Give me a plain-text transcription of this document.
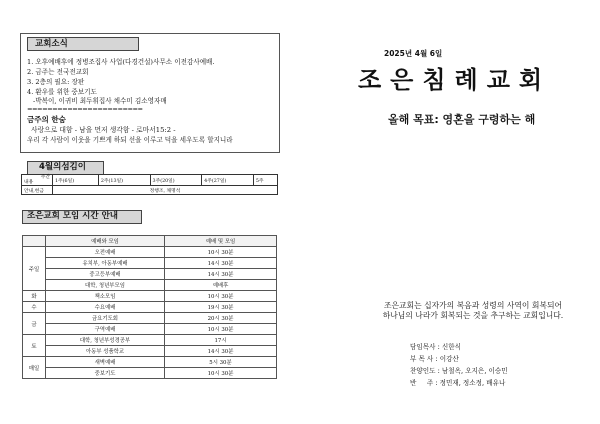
교회소식
1. 오후예배후에 정병조집사 사업(다경건설)사무소 이전감사예배.
2. 금주는 전국전교회
3. 2층의 필요: 장판
4. 환우를 위한 중보기도
-박복이, 이귀비 최두휘집사 채수미 김소영자매
=======================
금주의 한숨
사랑으로 대함 - 남을 먼저 생각함 - 로마서15:2 -
우리 각 사람이 이웃을 기쁘게 하되 선을 이루고 덕을 세우도록 할지니라
4월의섬김이
주간
내용	1주(6일)	2주(13일)	3주(20일)	4주(27일)	5주
안내,헌금	정행조, 채명석				
조은교회 모임 시간 안내
	예배와 모임	예배 및 모임
주일	오전예배	10시 30분
	유치부, 아동부예배	14시 30분
	중고등부예배	14시 30분
	대학, 청년부모임	예배후
화	책소모임	10시 30분
수	수요예배	19시 30분
금	금요기도회	20시 30분
	구역예배	10시 30분
토	대학, 청년부성경공부	17시
	아동부 성품학교	14시 30분
매일	새벽예배	5시 30분
	중보기도	10시 30분
2025년 4월 6일
조은침례교회
올해 목표: 영혼을 구령하는 해
조은교회는 십자가의 복음과 성령의 사역이 회복되어
하나님의 나라가 회복되는 것을 추구하는 교회입니다.
담임목사 : 신한식
부 목 사 : 이강산
찬양인도 : 남철옥, 오지은, 이승민
반     주 : 정민재, 정소정, 배유나
